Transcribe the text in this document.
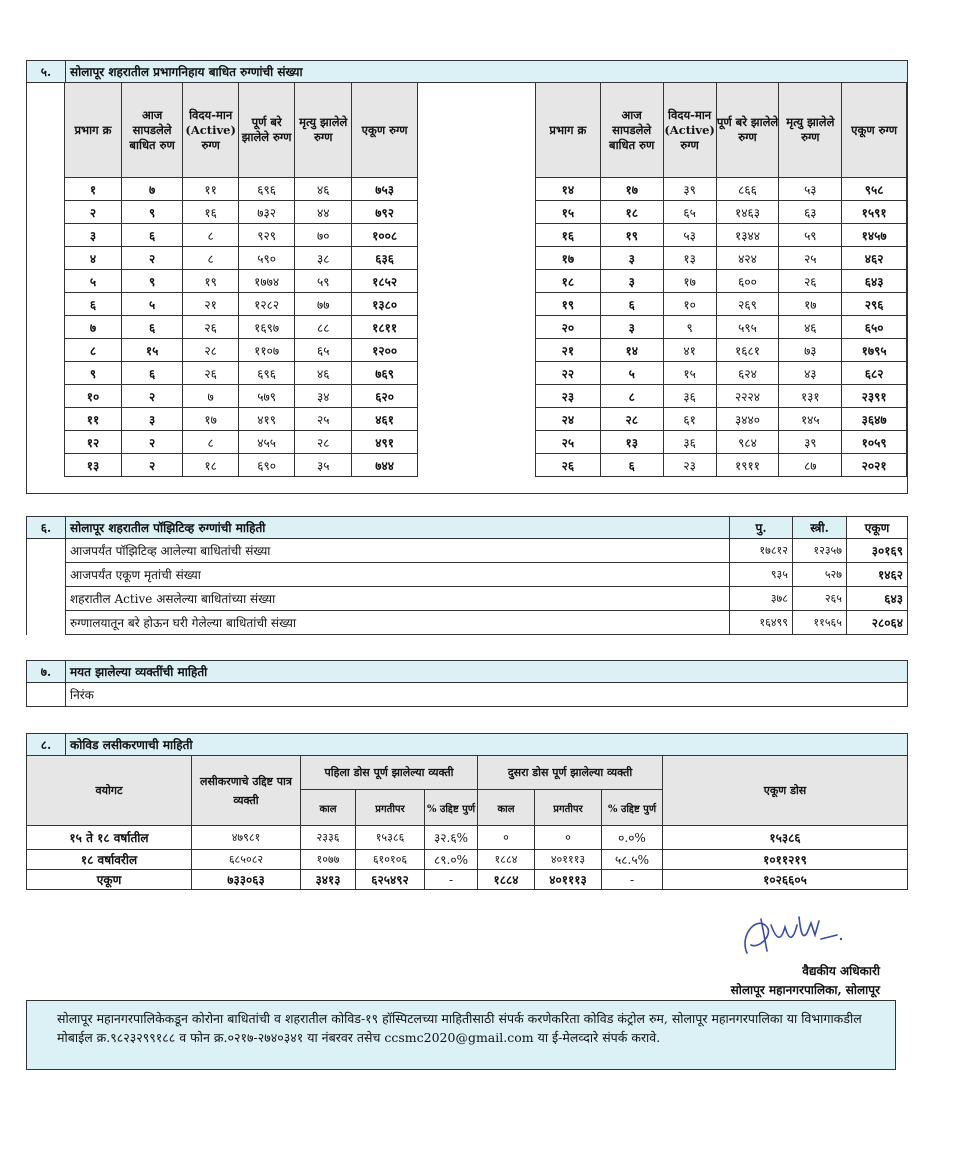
५.	सोलापूर शहरातील प्रभागनिहाय बाधित रुग्णांची संख्या
प्रभाग क्र	आज सापडलेले बाधित रुण	विदय-मान (Active) रुग्ण	पूर्ण बरे झालेले रुग्ण	मृत्यु झालेले रुग्ण	एकूण रुग्ण
१	७	११	६९६	४६	७५३
२	९	१६	७३२	४४	७९२
३	६	८	९२९	७०	१००८
४	२	८	५९०	३८	६३६
५	९	१९	१७७४	५९	१८५२
६	५	२१	१२८२	७७	१३८०
७	६	२६	१६९७	८८	१८११
८	१५	२८	११०७	६५	१२००
९	६	२६	६९६	४६	७६९
१०	२	७	५७९	३४	६२०
११	३	१७	४१९	२५	४६१
१२	२	८	४५५	२८	४९१
१३	२	१८	६९०	३५	७४४
प्रभाग क्र	आज सापडलेले बाधित रुण	विदय-मान (Active) रुग्ण	पूर्ण बरे झालेले रुग्ण	मृत्यु झालेले रुग्ण	एकूण रुग्ण
१४	१७	३९	८६६	५३	९५८
१५	१८	६५	१४६३	६३	१५९१
१६	१९	५३	१३४४	५९	१४५७
१७	३	१३	४२४	२५	४६२
१८	३	१७	६००	२६	६४३
१९	६	१०	२६९	१७	२९६
२०	३	९	५९५	४६	६५०
२१	१४	४१	१६८१	७३	१७९५
२२	५	१५	६२४	४३	६८२
२३	८	३६	२२२४	१३१	२३९१
२४	२८	६१	३४४०	१४५	३६४७
२५	१३	३६	९८४	३९	१०५९
२६	६	२३	१९११	८७	२०२१
६.	सोलापूर शहरातील पॉझिटिव्ह रुग्णांची माहिती	पु.	स्त्री.	एकूण
	आजपर्यंत पॉझिटिव्ह आलेल्या बाधितांची संख्या	१७८१२	१२३५७	३०१६९
	आजपर्यंत एकूण मृतांची संख्या	९३५	५२७	१४६२
	शहरातील Active असलेल्या बाधितांच्या संख्या	३७८	२६५	६४३
	रुग्णालयातून बरे होऊन घरी गेलेल्या बाधितांची संख्या	१६४९९	११५६५	२८०६४
७.	मयत झालेल्या व्यक्तींची माहिती
	निरंक
८.	कोविड लसीकरणाची माहिती								
वयोगट		लसीकरणाचे उद्दिष्ट पात्र व्यक्ती	पहिला डोस पूर्ण झालेल्या व्यक्ती			दुसरा डोस पूर्ण झालेल्या व्यक्ती			एकूण डोस
			काल	प्रगतीपर	% उद्दिष्ट पुर्ण	काल	प्रगतीपर	% उद्दिष्ट पुर्ण	
१५ ते १८ वर्षातील		४७९८१	२३३६	१५३८६	३२.६%	०	०	०.०%	१५३८६
१८ वर्षावरील		६८५०८२	१०७७	६१०१०६	८९.०%	१८८४	४०१११३	५८.५%	१०११२१९
एकूण		७३३०६३	३४१३	६२५४९२	-	१८८४	४०१११३	-	१०२६६०५
वैद्यकीय अधिकारी
सोलापूर महानगरपालिका, सोलापूर
सोलापूर महानगरपालिकेकडून कोरोना बाधितांची व शहरातील कोविड-१९ हॉस्पिटलच्या माहितीसाठी संपर्क करणेकरिता कोविड कंट्रोल रुम, सोलापूर महानगरपालिका या विभागाकडील मोबाईल क्र.९८२३२९९१८८ व फोन क्र.०२१७-२७४०३४१ या नंबरवर तसेच ccsmc2020@gmail.com या ई-मेलव्दारे संपर्क करावे.
